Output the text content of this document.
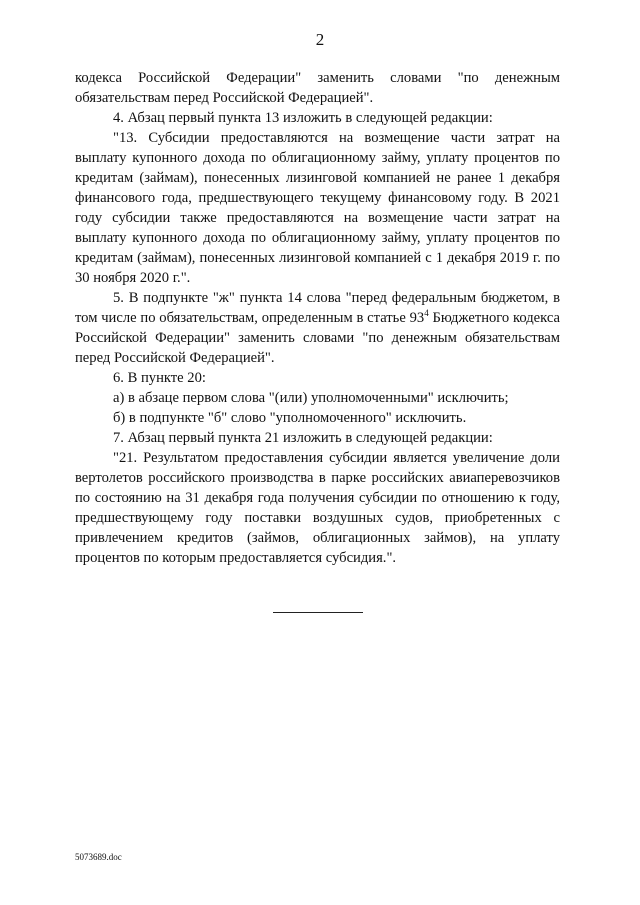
2

кодекса Российской Федерации" заменить словами "по денежным обязательствам перед Российской Федерацией".

4. Абзац первый пункта 13 изложить в следующей редакции:

"13. Субсидии предоставляются на возмещение части затрат на выплату купонного дохода по облигационному займу, уплату процентов по кредитам (займам), понесенных лизинговой компанией не ранее 1 декабря финансового года, предшествующего текущему финансовому году. В 2021 году субсидии также предоставляются на возмещение части затрат на выплату купонного дохода по облигационному займу, уплату процентов по кредитам (займам), понесенных лизинговой компанией с 1 декабря 2019 г. по 30 ноября 2020 г.".

5. В подпункте "ж" пункта 14 слова "перед федеральным бюджетом, в том числе по обязательствам, определенным в статье $93^4$ Бюджетного кодекса Российской Федерации" заменить словами "по денежным обязательствам перед Российской Федерацией".

6. В пункте 20:

а) в абзаце первом слова "(или) уполномоченными" исключить;

б) в подпункте "б" слово "уполномоченного" исключить.

7. Абзац первый пункта 21 изложить в следующей редакции:

"21. Результатом предоставления субсидии является увеличение доли вертолетов российского производства в парке российских авиаперевозчиков по состоянию на 31 декабря года получения субсидии по отношению к году, предшествующему году поставки воздушных судов, приобретенных с привлечением кредитов (займов, облигационных займов), на уплату процентов по которым предоставляется субсидия.".

5073689.doc
